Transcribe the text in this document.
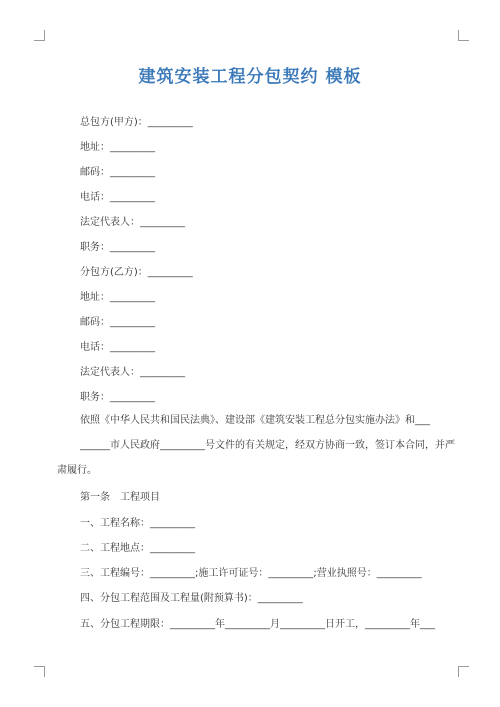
建筑安装工程分包契约 模板
总包方(甲方)：_________
地址：_________
邮码：_________
电话：_________
法定代表人：_________
职务：_________
分包方(乙方)：_________
地址：_________
邮码：_________
电话：_________
法定代表人：_________
职务：_________
依照《中华人民共和国民法典》、建设部《建筑安装工程总分包实施办法》和___
______市人民政府_________号文件的有关规定，经双方协商一致，签订本合同，并严
肃履行。
第一条　工程项目
一、工程名称：_________
二、工程地点：_________
三、工程编号：_________;施工许可证号：_________;营业执照号：_________
四、分包工程范围及工程量(附预算书)：_________
五、分包工程期限：_________年_________月_________日开工，_________年___
